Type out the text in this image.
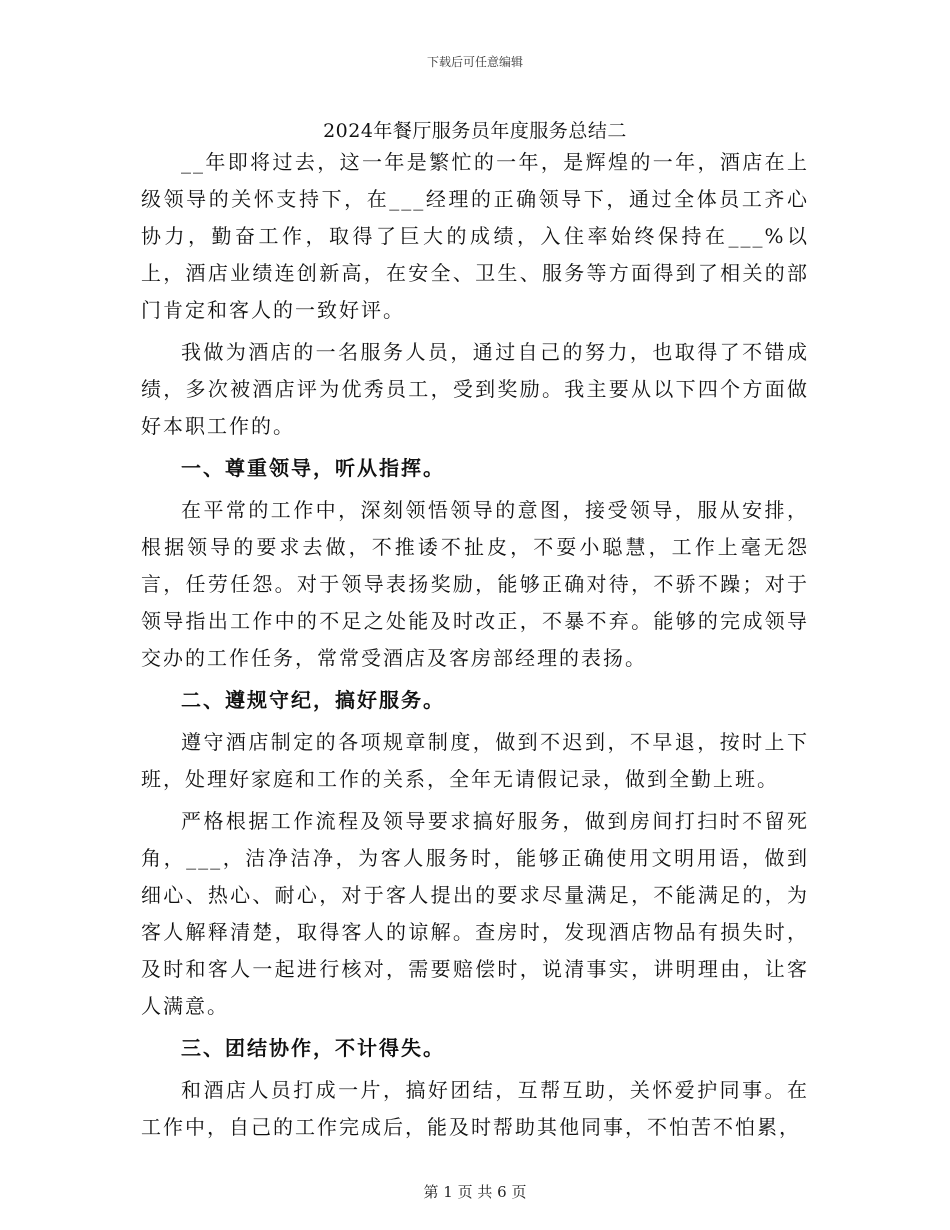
下载后可任意编辑
2024年餐厅服务员年度服务总结二

__年即将过去，这一年是繁忙的一年，是辉煌的一年，酒店在上级领导的关怀支持下，在___经理的正确领导下，通过全体员工齐心协力，勤奋工作，取得了巨大的成绩，入住率始终保持在___%以上，酒店业绩连创新高，在安全、卫生、服务等方面得到了相关的部门肯定和客人的一致好评。

我做为酒店的一名服务人员，通过自己的努力，也取得了不错成绩，多次被酒店评为优秀员工，受到奖励。我主要从以下四个方面做好本职工作的。

一、尊重领导，听从指挥。

在平常的工作中，深刻领悟领导的意图，接受领导，服从安排，根据领导的要求去做，不推诿不扯皮，不耍小聪慧，工作上毫无怨言，任劳任怨。对于领导表扬奖励，能够正确对待，不骄不躁；对于领导指出工作中的不足之处能及时改正，不暴不弃。能够的完成领导交办的工作任务，常常受酒店及客房部经理的表扬。

二、遵规守纪，搞好服务。

遵守酒店制定的各项规章制度，做到不迟到，不早退，按时上下班，处理好家庭和工作的关系，全年无请假记录，做到全勤上班。

严格根据工作流程及领导要求搞好服务，做到房间打扫时不留死角，___，洁净洁净，为客人服务时，能够正确使用文明用语，做到细心、热心、耐心，对于客人提出的要求尽量满足，不能满足的，为客人解释清楚，取得客人的谅解。查房时，发现酒店物品有损失时，及时和客人一起进行核对，需要赔偿时，说清事实，讲明理由，让客人满意。

三、团结协作，不计得失。

和酒店人员打成一片，搞好团结，互帮互助，关怀爱护同事。在工作中，自己的工作完成后，能及时帮助其他同事，不怕苦不怕累，

第 1 页 共 6 页
